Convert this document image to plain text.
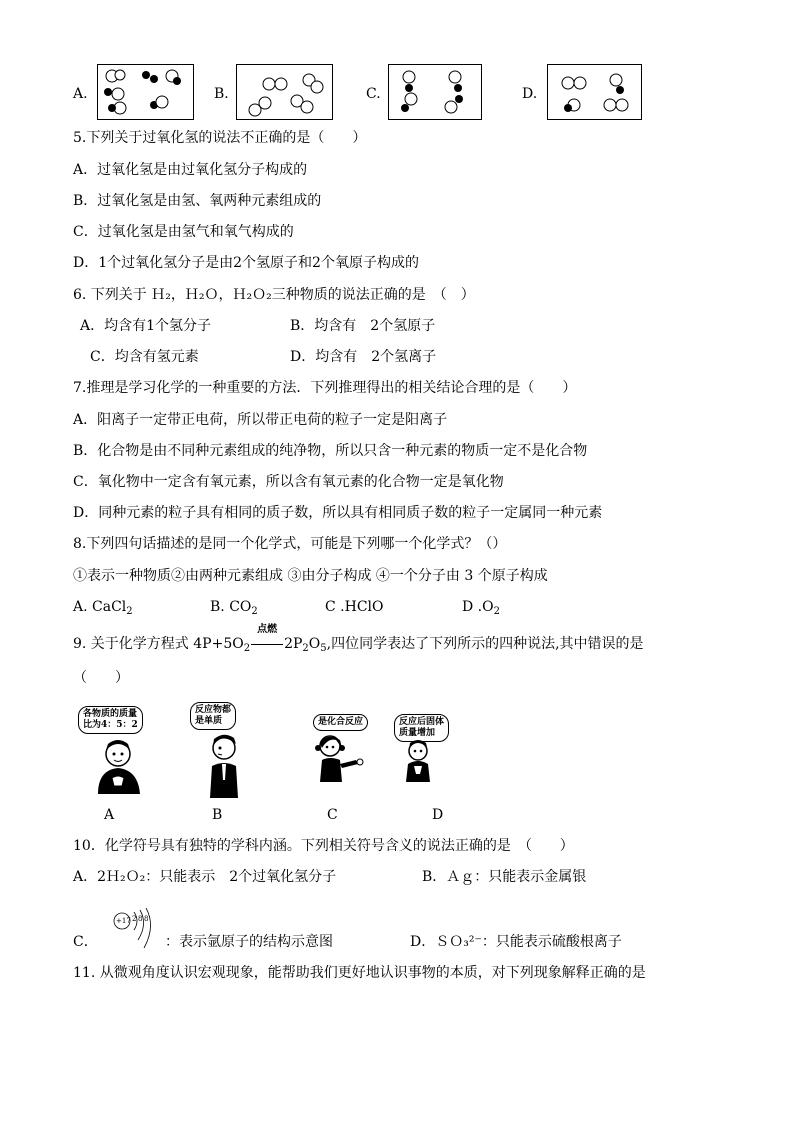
A.	B.	C.	D.
5.下列关于过氧化氢的说法不正确的是（　　）
A．过氧化氢是由过氧化氢分子构成的
B．过氧化氢是由氢、氧两种元素组成的
C．过氧化氢是由氢气和氧气构成的
D．1个过氧化氢分子是由2个氢原子和2个氧原子构成的
6. 下列关于 Ｈ₂，Ｈ₂Ｏ，Ｈ₂Ｏ₂三种物质的说法正确的是　（　）
A．均含有1个氢分子	B．均含有　2个氢原子
C．均含有氢元素	D．均含有　2个氢离子
7.推理是学习化学的一种重要的方法．下列推理得出的相关结论合理的是（　　）
A．阳离子一定带正电荷，所以带正电荷的粒子一定是阳离子
B．化合物是由不同种元素组成的纯净物，所以只含一种元素的物质一定不是化合物
C．氧化物中一定含有氧元素，所以含有氧元素的化合物一定是氧化物
D．同种元素的粒子具有相同的质子数，所以具有相同质子数的粒子一定属同一种元素
8.下列四句话描述的是同一个化学式，可能是下列哪一个化学式？（）
①表示一种物质②由两种元素组成 ③由分子构成 ④一个分子由 3 个原子构成
A. CaCl$_2$	B. $CO_2$	C .HClO	D $.O_2$
9. 关于化学方程式 $4P+5O_2$
点燃
$2P_2O_5$,四位同学表达了下列所示的四种说法,其中错误的是
（　　）
各物质的质量
比为4：5：2
反应物都
是单质	是化合反应	反应后固体
质量增加
A	B	C	D
10．化学符号具有独特的学科内涵。下列相关符号含义的说法正确的是　（　　）
A．2Ｈ₂Ｏ₂：只能表示　2个过氧化氢分子	B．Ａｇ：只能表示金属银
C．
+172 8 8
：表示氩原子的结构示意图	D．ＳＯ₃²⁻：只能表示硫酸根离子
11. 从微观角度认识宏观现象，能帮助我们更好地认识事物的本质，对下列现象解释正确的是
